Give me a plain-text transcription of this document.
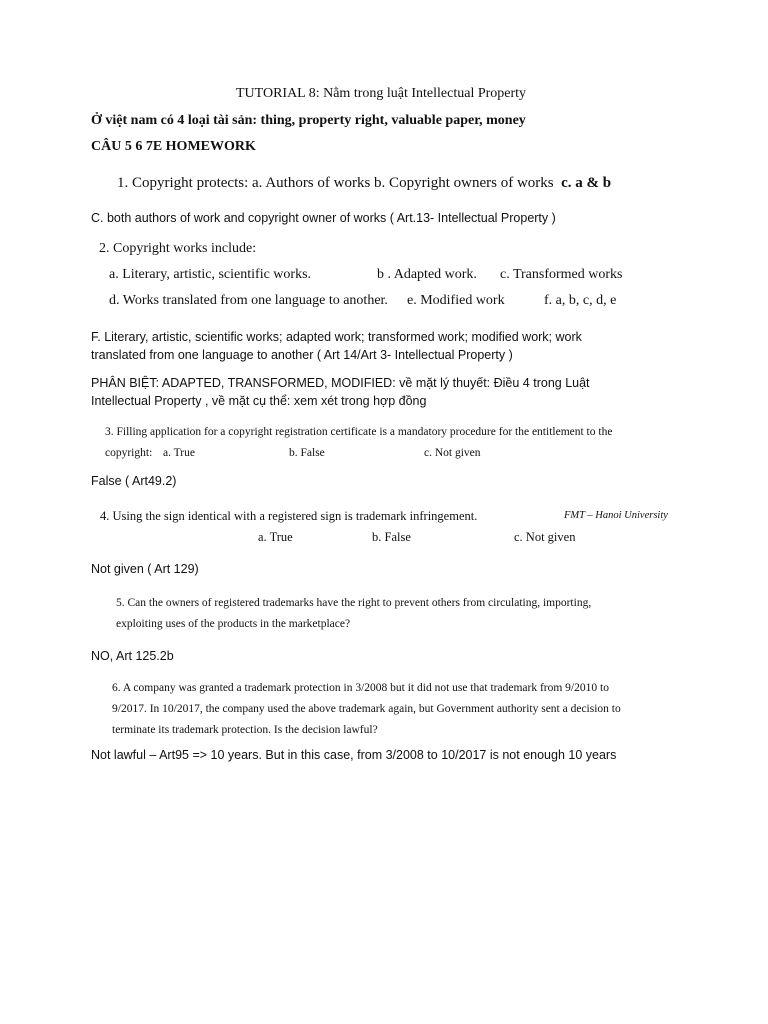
TUTORIAL 8: Nằm trong luật Intellectual Property
Ở việt nam có 4 loại tài sản: thing, property right, valuable paper, money
CÂU 5 6 7E HOMEWORK
1. Copyright protects: a. Authors of works b. Copyright owners of works c. a & b
C. both authors of work and copyright owner of works ( Art.13- Intellectual Property )
2. Copyright works include:
a. Literary, artistic, scientific works.	b . Adapted work. c. Transformed works
d. Works translated from one language to another. e. Modified work	f. a, b, c, d, e
F. Literary, artistic, scientific works; adapted work; transformed work; modified work; work
translated from one language to another ( Art 14/Art 3- Intellectual Property )
PHÂN BIỆT: ADAPTED, TRANSFORMED, MODIFIED: về mặt lý thuyết: Điều 4 trong Luật
Intellectual Property , về mặt cụ thể: xem xét trong hợp đồng
3. Filling application for a copyright registration certificate is a mandatory procedure for the entitlement to the
copyright: a. True	b. False	c. Not given
False ( Art49.2)
4. Using the sign identical with a registered sign is trademark infringement.	FMT – Hanoi University
a. True	b. False	c. Not given
Not given ( Art 129)
5. Can the owners of registered trademarks have the right to prevent others from circulating, importing,
exploiting uses of the products in the marketplace?
NO, Art 125.2b
6. A company was granted a trademark protection in 3/2008 but it did not use that trademark from 9/2010 to
9/2017. In 10/2017, the company used the above trademark again, but Government authority sent a decision to
terminate its trademark protection. Is the decision lawful?
Not lawful – Art95 => 10 years. But in this case, from 3/2008 to 10/2017 is not enough 10 years
